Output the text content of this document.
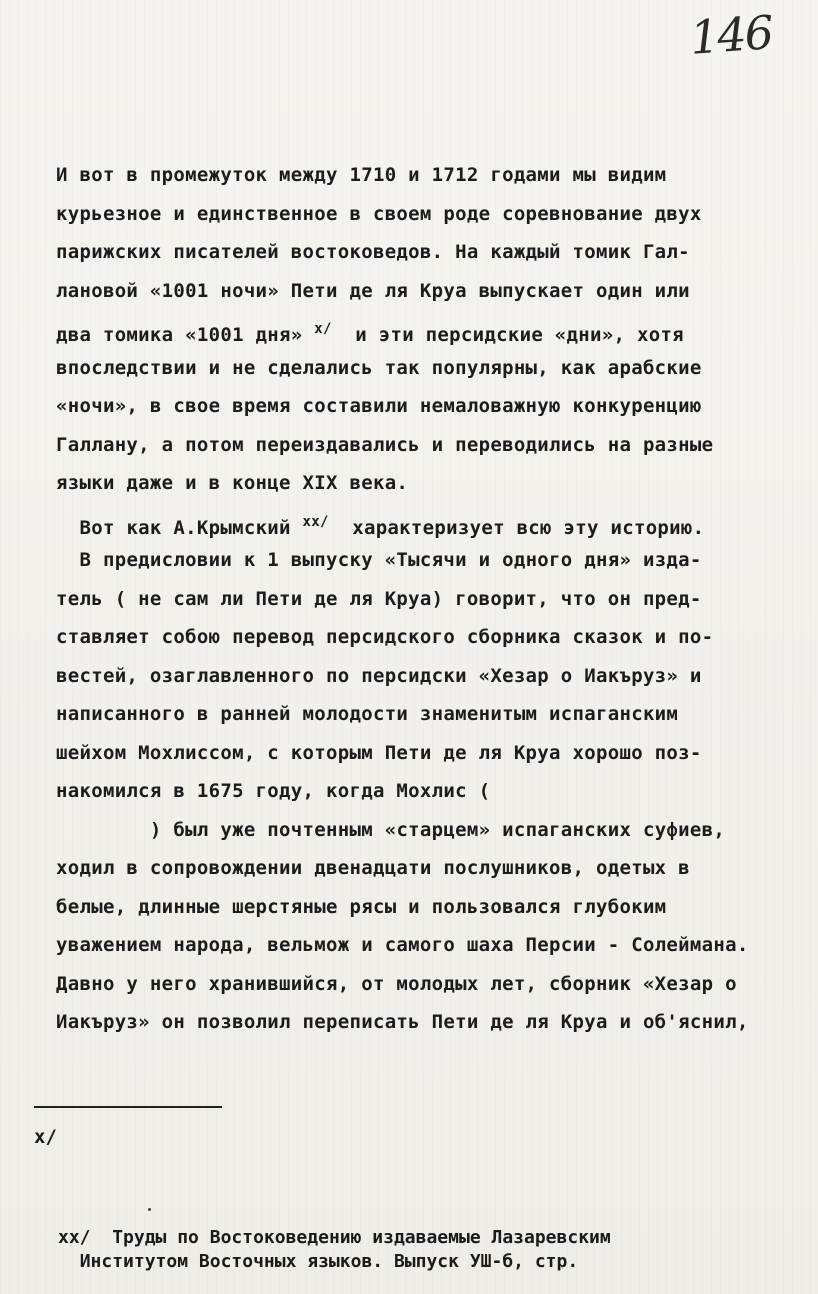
146
И вот в промежуток между 1710 и 1712 годами мы видим
курьезное и единственное в своем роде соревнование двух
парижских писателей востоковедов. На каждый томик Гал-
лановой «1001 ночи» Пети де ля Круа выпускает один или
два томика «1001 дня» $^{x/}$ и эти персидские «дни», хотя
впоследствии и не сделались так популярны, как арабские
«ночи», в свое время составили немаловажную конкуренцию
Галлану, а потом переиздавались и переводились на разные
языки даже и в конце XIX века.
Вот как А.Крымский $^{xx/}$ характеризует всю эту историю.
В предисловии к 1 выпуску «Тысячи и одного дня» изда-
тель ( не сам ли Пети де ля Круа) говорит, что он пред-
ставляет собою перевод персидского сборника сказок и по-
вестей, озаглавленного по персидски «Хезар о Иакъруз» и
написанного в ранней молодости знаменитым испаганским
шейхом Мохлиссом, с которым Пети де ля Круа хорошо поз-
накомился в 1675 году, когда Мохлис (
) был уже почтенным «старцем» испаганских суфиев,
ходил в сопровождении двенадцати послушников, одетых в
белые, длинные шерстяные рясы и пользовался глубоким
уважением народа, вельмож и самого шаха Персии - Солеймана.
Давно у него хранившийся, от молодых лет, сборник «Хезар о
Иакъруз» он позволил переписать Пети де ля Круа и об'яснил,
x/
xx/ Труды по Востоковедению издаваемые Лазаревским
Институтом Восточных языков. Выпуск УШ-б, стр.
